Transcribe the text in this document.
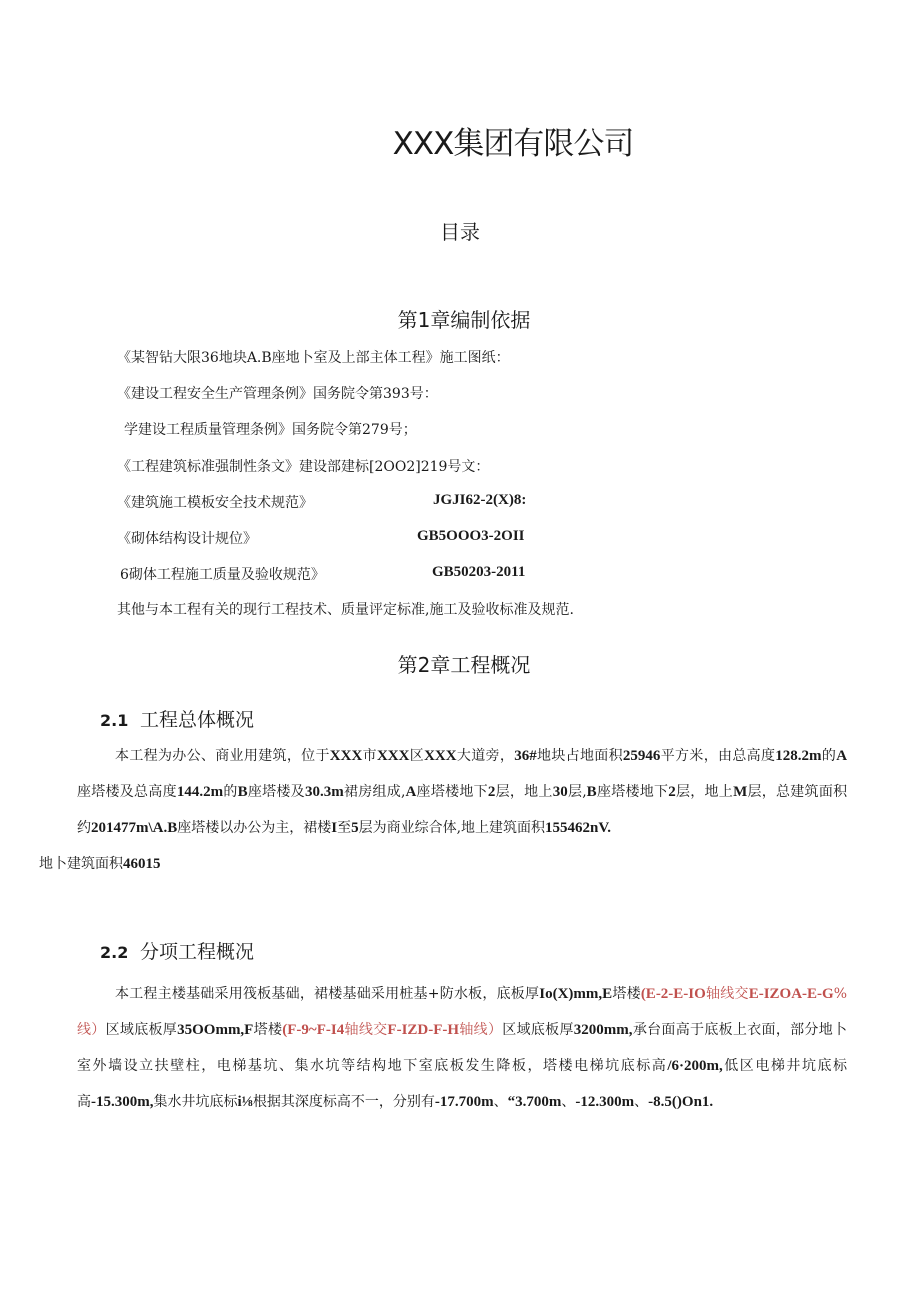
XXX集团有限公司
目录
第1章编制依据
《某智钻大限36地块A.B座地卜室及上部主体工程》施工图纸：
《建设工程安全生产管理条例》国务院令第393号：
学建设工程质量管理条例》国务院令第279号；
《工程建筑标准强制性条文》建设部建标[2OO2]219号文：
《建筑施工模板安全技术规范》	JGJI62-2(X)8:
《砌体结构设计规位》	GB5OOO3-2OII
6砌体工程施工质量及验收规范》	GB50203-2011
其他与本工程有关的现行工程技术、质量评定标准,施工及验收标准及规范.
第2章工程概况
2.1 工程总体概况
本工程为办公、商业用建筑，位于XXX市XXX区XXX大道旁，36#地块占地面积25946平方米，由总高度128.2m的A座塔楼及总高度144.2m的B座塔楼及30.3m裙房组成,A座塔楼地下2层，地上30层,B座塔楼地下2层，地上M层，总建筑面积约201477m\A.B座塔楼以办公为主，裙楼I至5层为商业综合体,地上建筑面积155462nV.
地卜建筑面积46015
2.2 分项工程概况
本工程主楼基础采用筏板基础，裙楼基础采用桩基+防水板，底板厚Io(X)mm,E塔楼(E-2-E-IO轴线交E-IZOA-E-G%线）区域底板厚35OOmm,F塔楼(F-9~F-I4轴线交F-IZD-F-H轴线）区域底板厚3200mm,承台面高于底板上衣面，部分地卜室外墙设立扶壁柱，电梯基坑、集水坑等结构地下室底板发生降板，塔楼电梯坑底标高/6·200m,低区电梯井坑底标高-15.300m,集水井坑底标i⅛根据其深度标高不一，分别有-17.700m、“3.700m、-12.300m、-8.5()On1.
